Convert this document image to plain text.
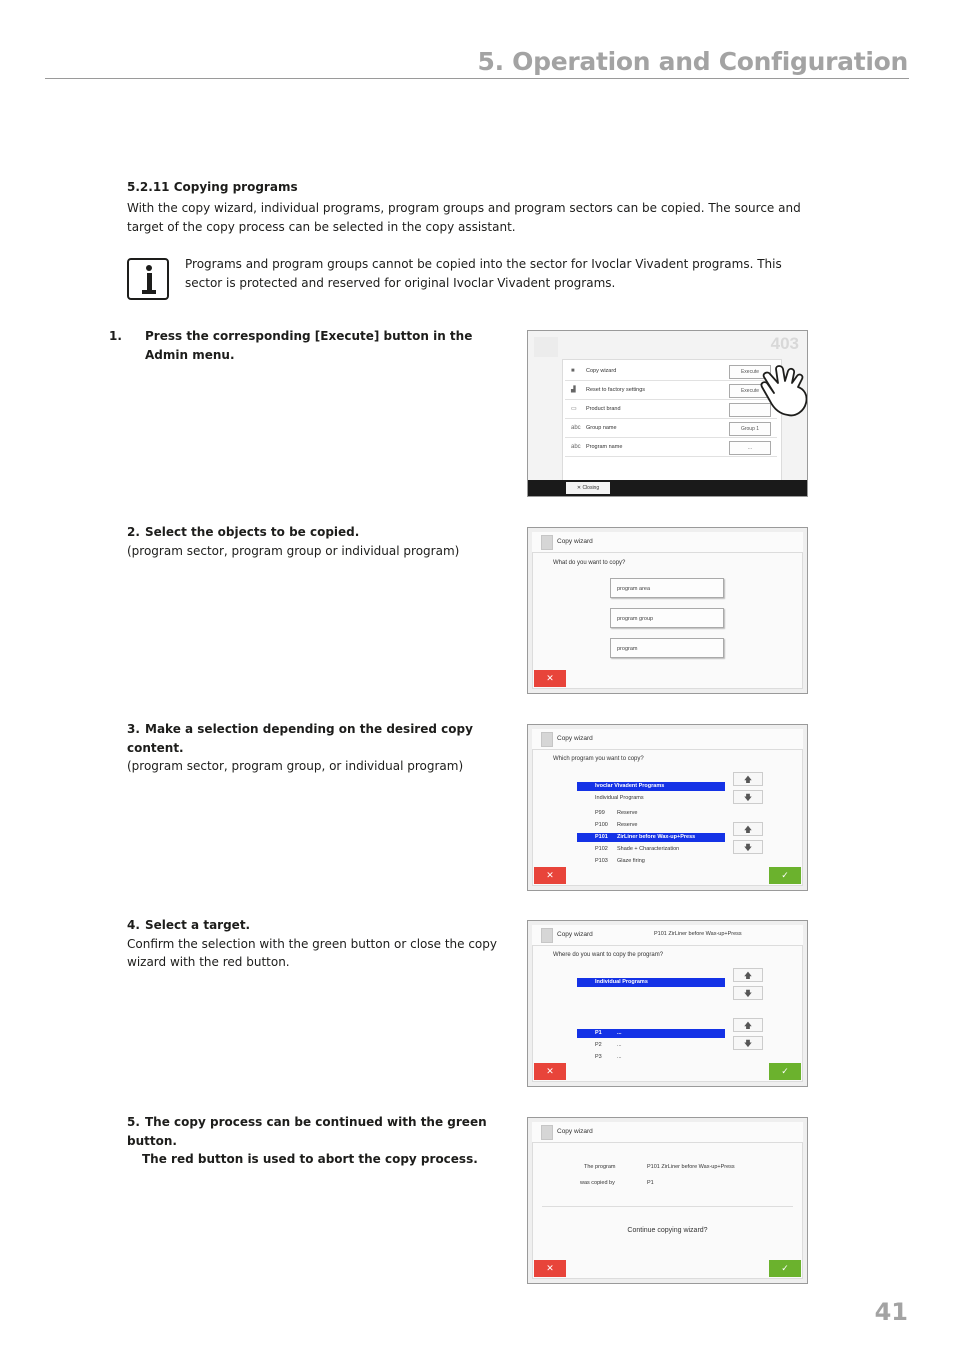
5. Operation and Configuration
5.2.11 Copying programs
With the copy wizard, individual programs, program groups and program sectors can be copied. The source and target of the copy process can be selected in the copy assistant.
Programs and program groups cannot be copied into the sector for Ivoclar Vivadent programs. This sector is protected and reserved for original Ivoclar Vivadent programs.
1. Press the corresponding [Execute] button in the Admin menu.
403
■ Copy wizard	Execute
▟ Reset to factory settings	Execute
▭ Product brand
abc Group name	Group 1
abc Program name	...
✕ Closing
2. Select the objects to be copied.
(program sector, program group or individual program)
Copy wizard
What do you want to copy?
program area
program group
program
✕
3. Make a selection depending on the desired copy content.
(program sector, program group, or individual program)
Copy wizard
Which program you want to copy?
Ivoclar Vivadent Programs
Individual Programs
P99 Reserve
P100 Reserve
P101 ZirLiner before Wax-up+Press
P102 Shade + Characterization
P103 Glaze firing
🡅
🡇
🡅
🡇
✕	✓
4. Select a target.
Confirm the selection with the green button or close the copy wizard with the red button.
Copy wizard	P101 ZirLiner before Wax-up+Press
Where do you want to copy the program?
Individual Programs
P1	...
P2	...
P3	...
🡅
🡇
🡅
🡇
✕	✓
5. The copy process can be continued with the green button.
The red button is used to abort the copy process.
Copy wizard
The program	P101 ZirLiner before Wax-up+Press
was copied by	P1
Continue copying wizard?
✕	✓
41
